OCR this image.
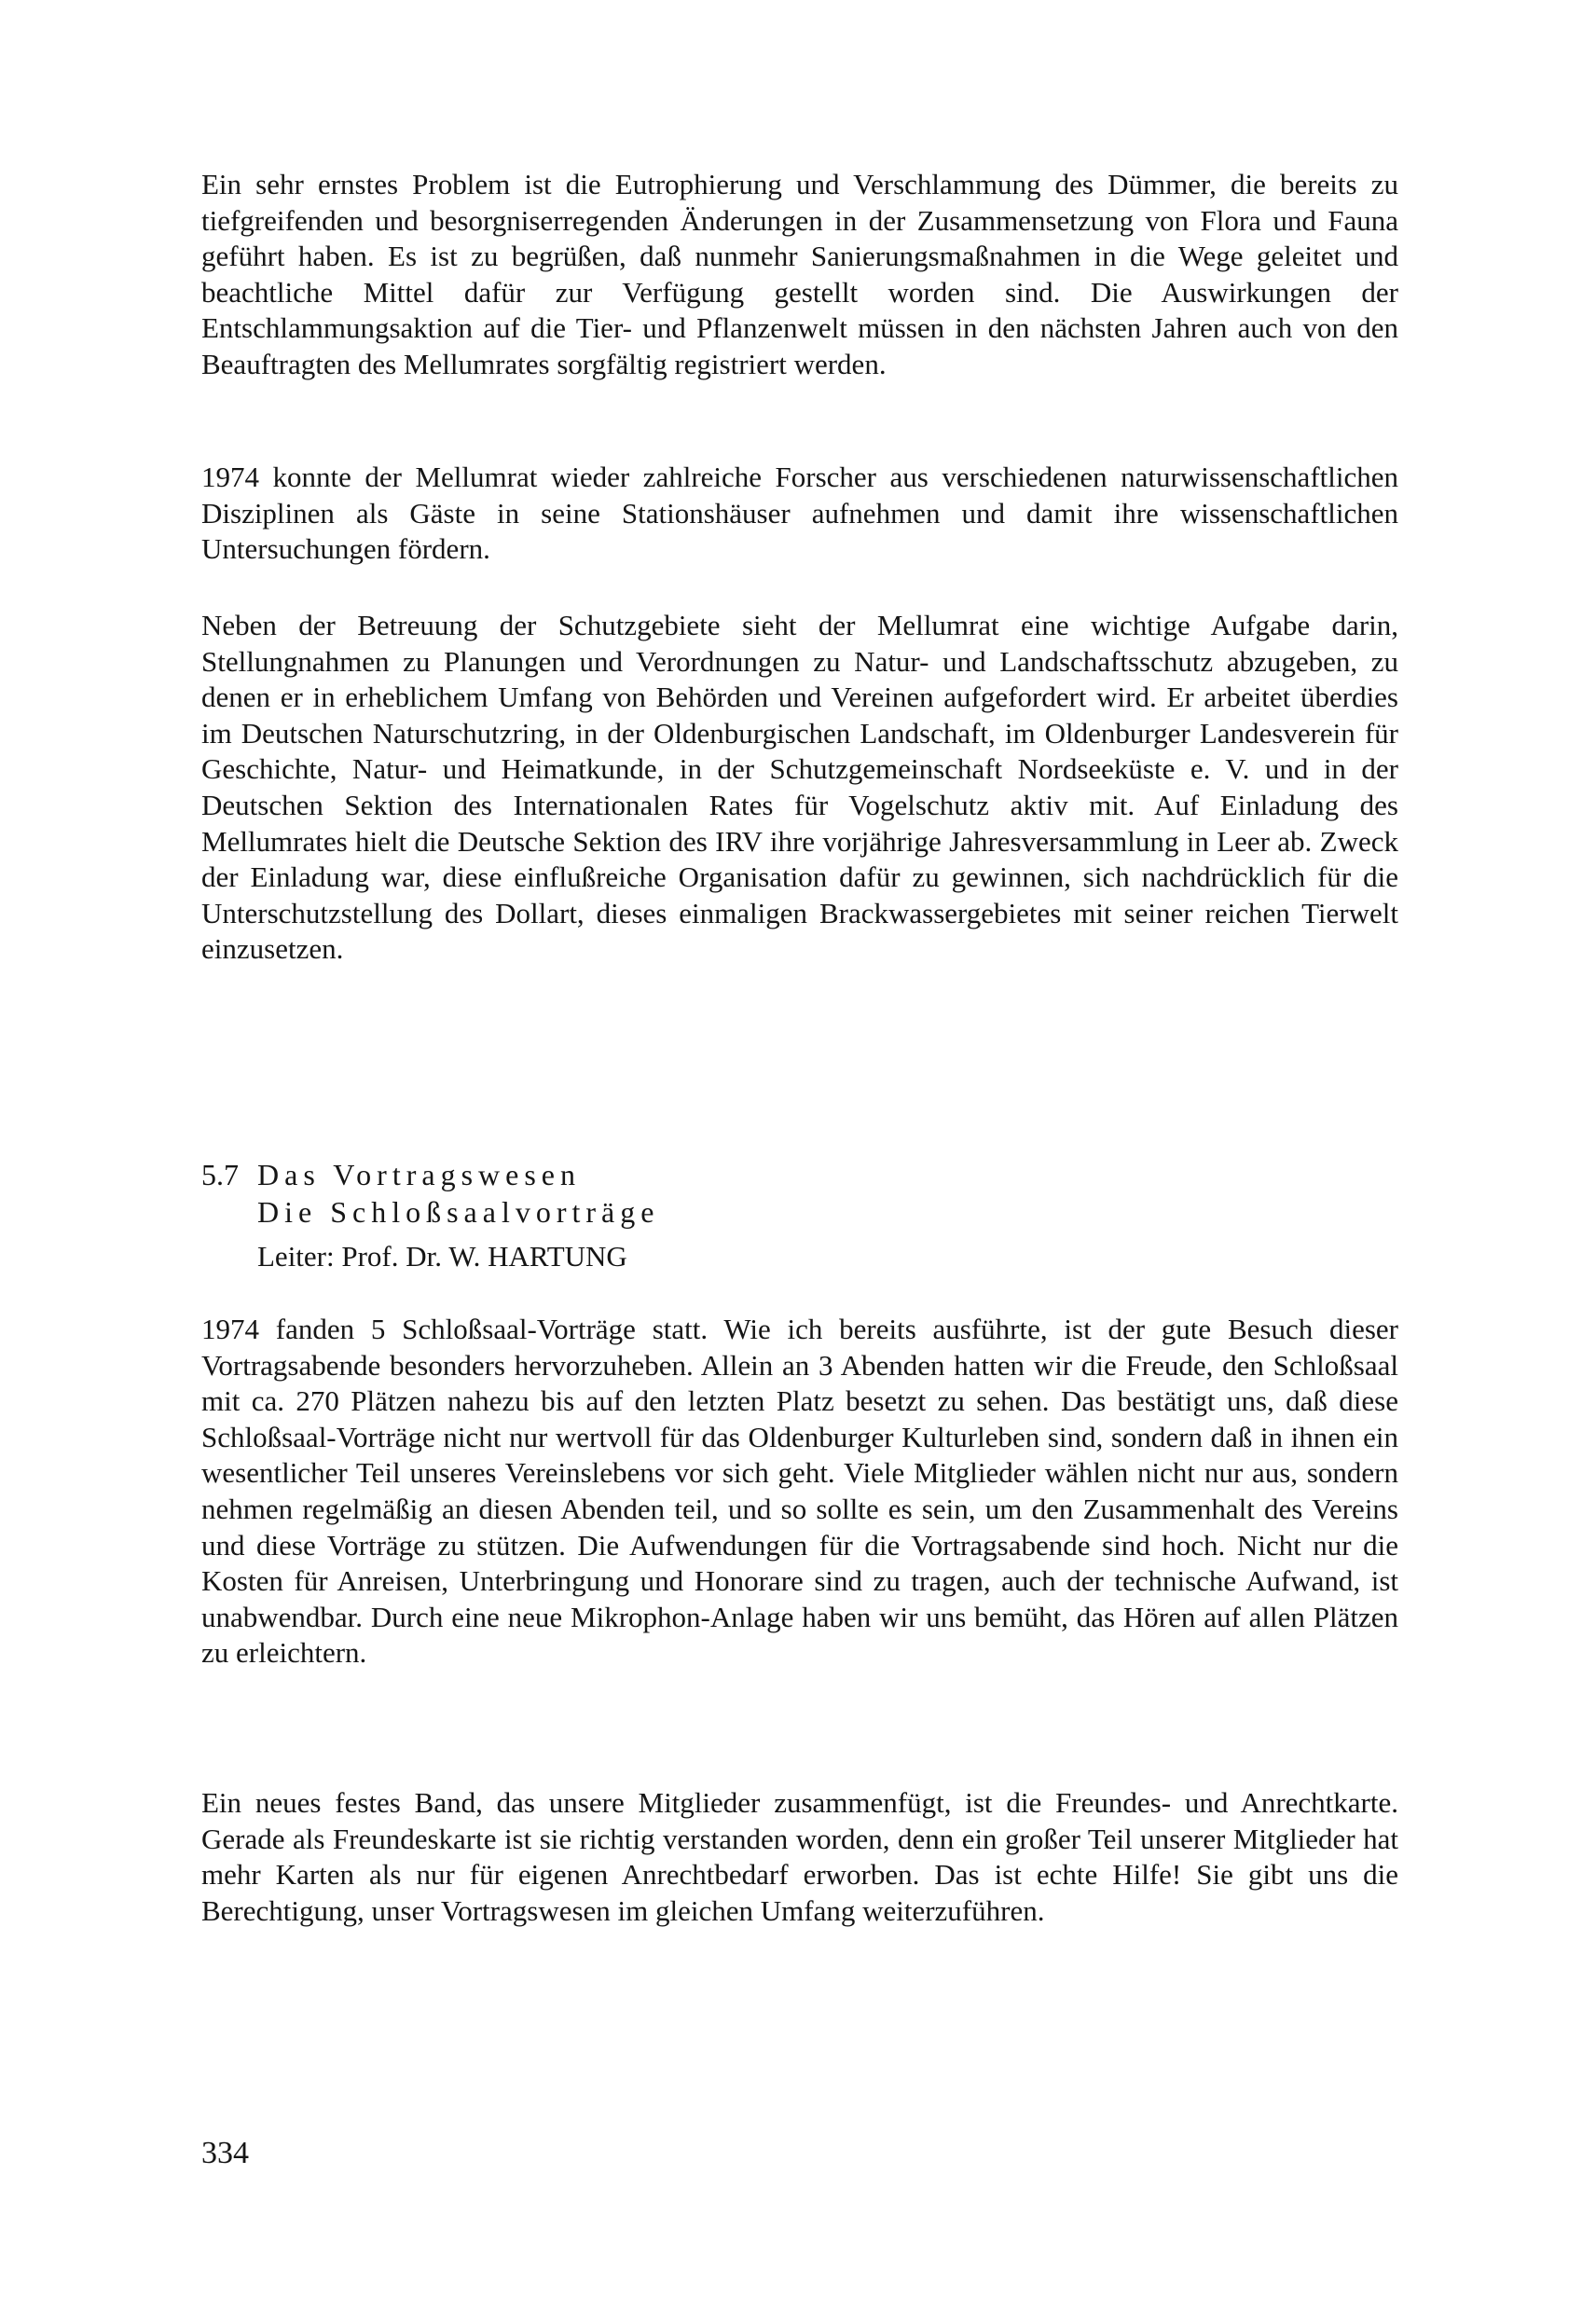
Ein sehr ernstes Problem ist die Eutrophierung und Verschlammung des Dümmer, die bereits zu tiefgreifenden und besorgniserregenden Änderungen in der Zusammensetzung von Flora und Fauna geführt haben. Es ist zu begrüßen, daß nunmehr Sanierungsmaßnahmen in die Wege geleitet und beachtliche Mittel dafür zur Verfügung gestellt worden sind. Die Auswirkungen der Entschlammungsaktion auf die Tier- und Pflanzenwelt müssen in den nächsten Jahren auch von den Beauftragten des Mellumrates sorgfältig registriert werden.

1974 konnte der Mellumrat wieder zahlreiche Forscher aus verschiedenen naturwissenschaftlichen Disziplinen als Gäste in seine Stationshäuser aufnehmen und damit ihre wissenschaftlichen Untersuchungen fördern.

Neben der Betreuung der Schutzgebiete sieht der Mellumrat eine wichtige Aufgabe darin, Stellungnahmen zu Planungen und Verordnungen zu Natur- und Landschaftsschutz abzugeben, zu denen er in erheblichem Umfang von Behörden und Vereinen aufgefordert wird. Er arbeitet überdies im Deutschen Naturschutzring, in der Oldenburgischen Landschaft, im Oldenburger Landesverein für Geschichte, Natur- und Heimatkunde, in der Schutzgemeinschaft Nordseeküste e. V. und in der Deutschen Sektion des Internationalen Rates für Vogelschutz aktiv mit. Auf Einladung des Mellumrates hielt die Deutsche Sektion des IRV ihre vorjährige Jahresversammlung in Leer ab. Zweck der Einladung war, diese einflußreiche Organisation dafür zu gewinnen, sich nachdrücklich für die Unterschutzstellung des Dollart, dieses einmaligen Brackwassergebietes mit seiner reichen Tierwelt einzusetzen.

5.7 Das Vortragswesen
Die Schloßsaalvorträge
Leiter: Prof. Dr. W. HARTUNG

1974 fanden 5 Schloßsaal-Vorträge statt. Wie ich bereits ausführte, ist der gute Besuch dieser Vortragsabende besonders hervorzuheben. Allein an 3 Abenden hatten wir die Freude, den Schloßsaal mit ca. 270 Plätzen nahezu bis auf den letzten Platz besetzt zu sehen. Das bestätigt uns, daß diese Schloßsaal-Vorträge nicht nur wertvoll für das Oldenburger Kulturleben sind, sondern daß in ihnen ein wesentlicher Teil unseres Vereinslebens vor sich geht. Viele Mitglieder wählen nicht nur aus, sondern nehmen regelmäßig an diesen Abenden teil, und so sollte es sein, um den Zusammenhalt des Vereins und diese Vorträge zu stützen. Die Aufwendungen für die Vortragsabende sind hoch. Nicht nur die Kosten für Anreisen, Unterbringung und Honorare sind zu tragen, auch der technische Aufwand, ist unabwendbar. Durch eine neue Mikrophon-Anlage haben wir uns bemüht, das Hören auf allen Plätzen zu erleichtern.

Ein neues festes Band, das unsere Mitglieder zusammenfügt, ist die Freundes- und Anrechtkarte. Gerade als Freundeskarte ist sie richtig verstanden worden, denn ein großer Teil unserer Mitglieder hat mehr Karten als nur für eigenen Anrechtbedarf erworben. Das ist echte Hilfe! Sie gibt uns die Berechtigung, unser Vortragswesen im gleichen Umfang weiterzuführen.

334
